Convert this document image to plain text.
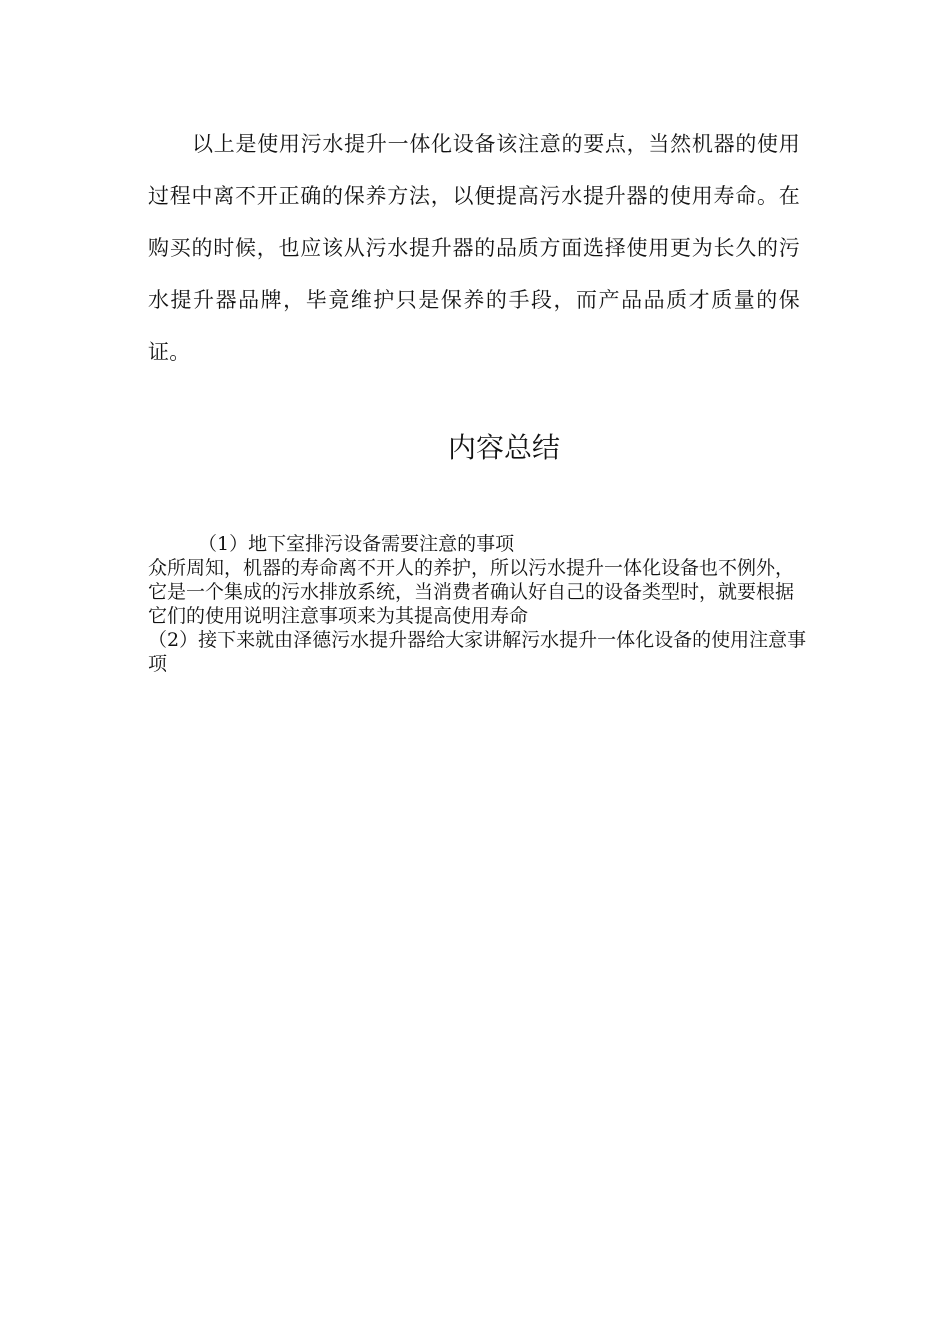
以上是使用污水提升一体化设备该注意的要点，当然机器的使用过程中离不开正确的保养方法，以便提高污水提升器的使用寿命。在购买的时候，也应该从污水提升器的品质方面选择使用更为长久的污水提升器品牌，毕竟维护只是保养的手段，而产品品质才质量的保证。

内容总结

（1）地下室排污设备需要注意的事项

众所周知，机器的寿命离不开人的养护，所以污水提升一体化设备也不例外，它是一个集成的污水排放系统，当消费者确认好自己的设备类型时，就要根据它们的使用说明注意事项来为其提高使用寿命

（2）接下来就由泽德污水提升器给大家讲解污水提升一体化设备的使用注意事项
